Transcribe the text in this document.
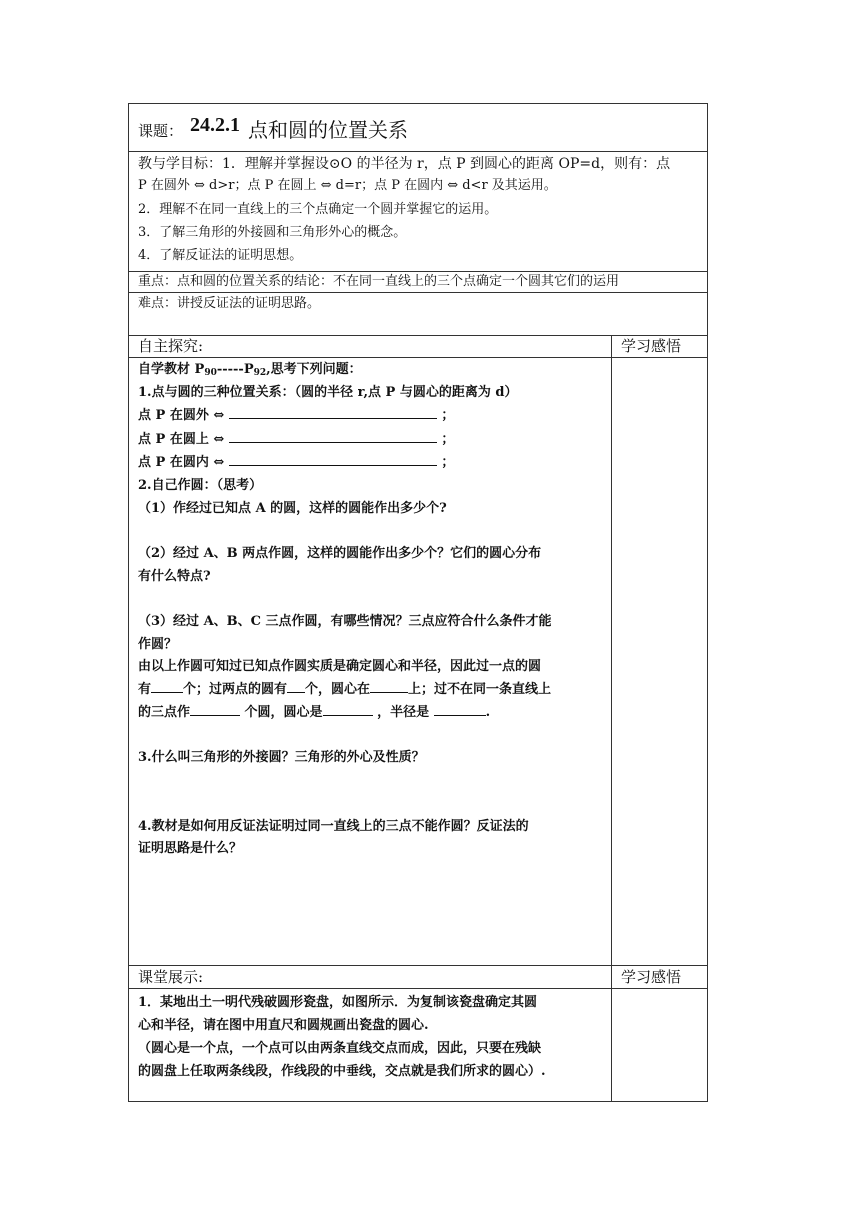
课题： 24.2.1 点和圆的位置关系
教与学目标：1．理解并掌握设⊙O 的半径为 r，点 P 到圆心的距离 OP=d，则有：点
P 在圆外 ⇔ d>r；点 P 在圆上 ⇔ d=r；点 P 在圆内 ⇔ d<r 及其运用。
2．理解不在同一直线上的三个点确定一个圆并掌握它的运用。
3．了解三角形的外接圆和三角形外心的概念。
4．了解反证法的证明思想。
重点：点和圆的位置关系的结论：不在同一直线上的三个点确定一个圆其它们的运用
难点：讲授反证法的证明思路。
自主探究:	学习感悟
自学教材 $P_{90}-----P_{92}$,思考下列问题：
1.点与圆的三种位置关系：（圆的半径 r,点 P 与圆心的距离为 d）
点 P 在圆外 ⇔	；
点 P 在圆上 ⇔	；
点 P 在圆内 ⇔	；
2.自己作圆：（思考）
（1）作经过已知点 A 的圆，这样的圆能作出多少个?
（2）经过 A、B 两点作圆，这样的圆能作出多少个？它们的圆心分布
有什么特点?
（3）经过 A、B、C 三点作圆，有哪些情况？三点应符合什么条件才能
作圆？
由以上作圆可知过已知点作圆实质是确定圆心和半径，因此过一点的圆
有 个；过两点的圆有 个，圆心在	上；过不在同一条直线上
的三点作	个圆，圆心是	，半径是	.
3.什么叫三角形的外接圆？三角形的外心及性质？
4.教材是如何用反证法证明过同一直线上的三点不能作圆？反证法的
证明思路是什么？
课堂展示:	学习感悟
1．某地出土一明代残破圆形瓷盘，如图所示．为复制该瓷盘确定其圆
心和半径，请在图中用直尺和圆规画出瓷盘的圆心.
（圆心是一个点，一个点可以由两条直线交点而成，因此，只要在残缺
的圆盘上任取两条线段，作线段的中垂线，交点就是我们所求的圆心）.
